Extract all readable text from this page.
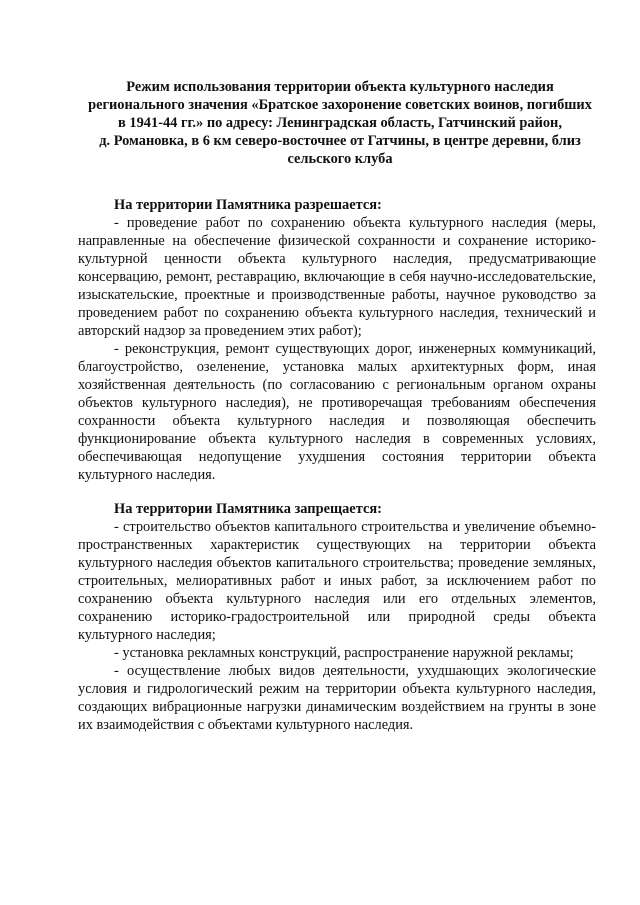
Режим использования территории объекта культурного наследия
регионального значения «Братское захоронение советских воинов, погибших
в 1941-44 гг.» по адресу: Ленинградская область, Гатчинский район,
д. Романовка, в 6 км северо-восточнее от Гатчины, в центре деревни, близ
сельского клуба

На территории Памятника разрешается:

- проведение работ по сохранению объекта культурного наследия (меры, направленные на обеспечение физической сохранности и сохранение историко-культурной ценности объекта культурного наследия, предусматривающие консервацию, ремонт, реставрацию, включающие в себя научно-исследовательские, изыскательские, проектные и производственные работы, научное руководство за проведением работ по сохранению объекта культурного наследия, технический и авторский надзор за проведением этих работ);

- реконструкция, ремонт существующих дорог, инженерных коммуникаций, благоустройство, озеленение, установка малых архитектурных форм, иная хозяйственная деятельность (по согласованию с региональным органом охраны объектов культурного наследия), не противоречащая требованиям обеспечения сохранности объекта культурного наследия и позволяющая обеспечить функционирование объекта культурного наследия в современных условиях, обеспечивающая недопущение ухудшения состояния территории объекта культурного наследия.

На территории Памятника запрещается:

- строительство объектов капитального строительства и увеличение объемно-пространственных характеристик существующих на территории объекта культурного наследия объектов капитального строительства; проведение земляных, строительных, мелиоративных работ и иных работ, за исключением работ по сохранению объекта культурного наследия или его отдельных элементов, сохранению историко-градостроительной или природной среды объекта культурного наследия;

- установка рекламных конструкций, распространение наружной рекламы;

- осуществление любых видов деятельности, ухудшающих экологические условия и гидрологический режим на территории объекта культурного наследия, создающих вибрационные нагрузки динамическим воздействием на грунты в зоне их взаимодействия с объектами культурного наследия.
